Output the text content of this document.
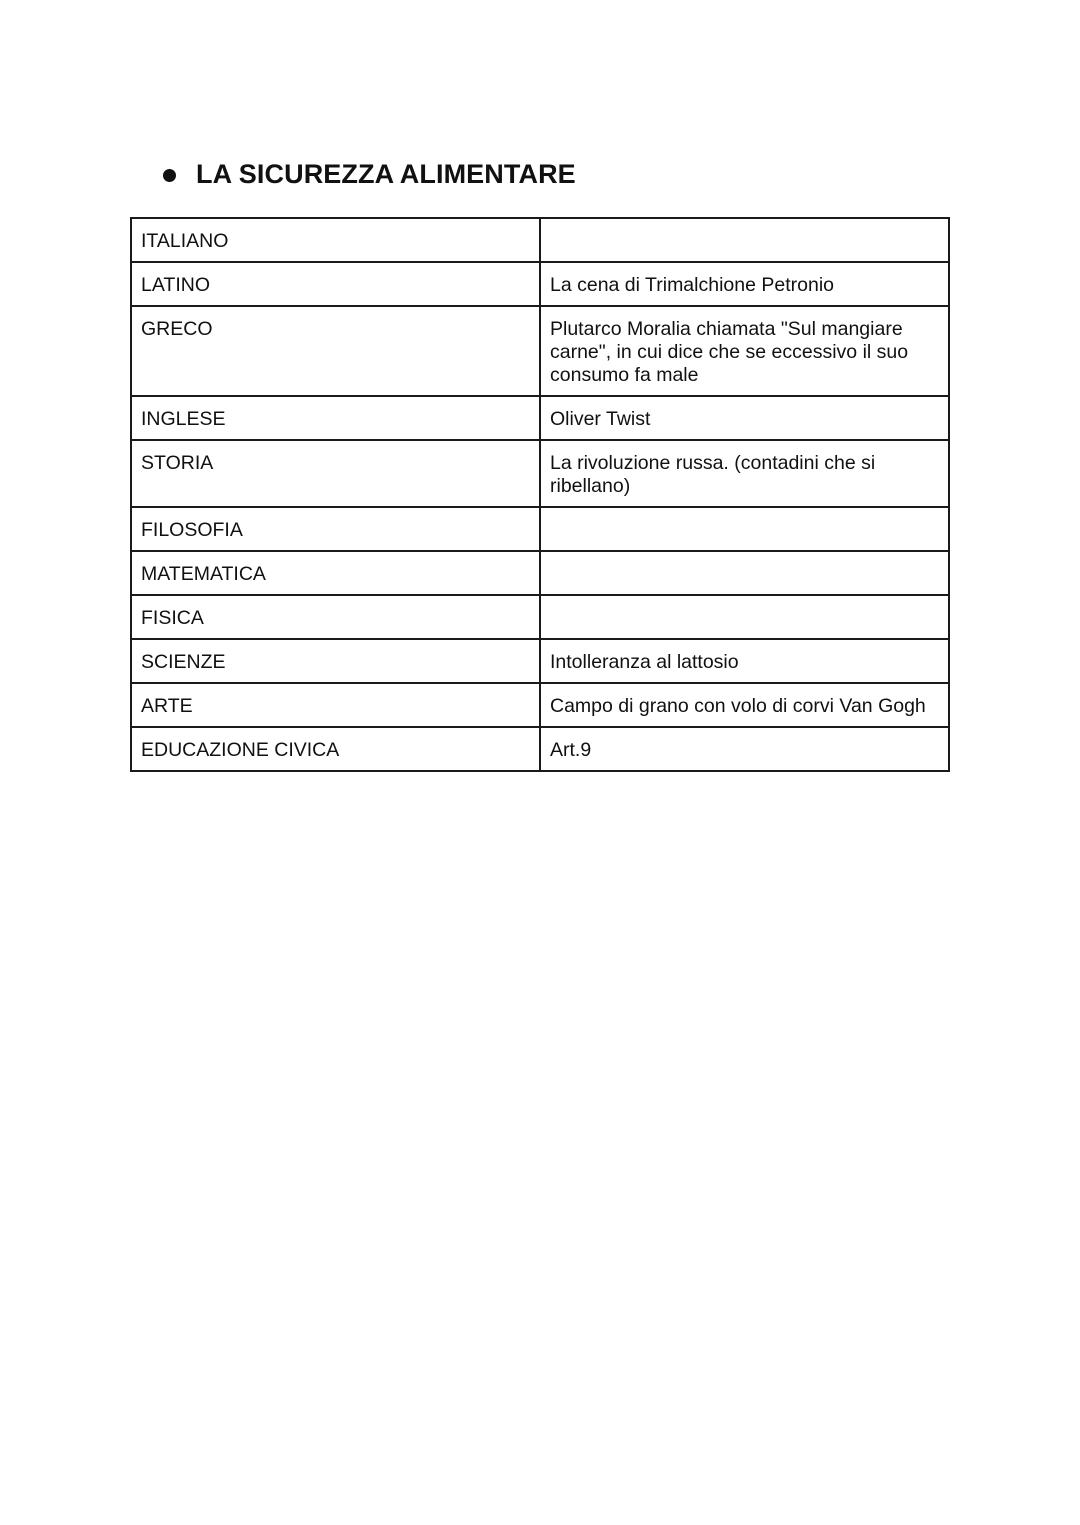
LA SICUREZZA ALIMENTARE
ITALIANO	
LATINO	La cena di Trimalchione Petronio
GRECO	Plutarco Moralia chiamata "Sul mangiare carne", in cui dice che se eccessivo il suo consumo fa male
INGLESE	Oliver Twist
STORIA	La rivoluzione russa. (contadini che si ribellano)
FILOSOFIA	
MATEMATICA	
FISICA	
SCIENZE	Intolleranza al lattosio
ARTE	Campo di grano con volo di corvi Van Gogh
EDUCAZIONE CIVICA	Art.9
